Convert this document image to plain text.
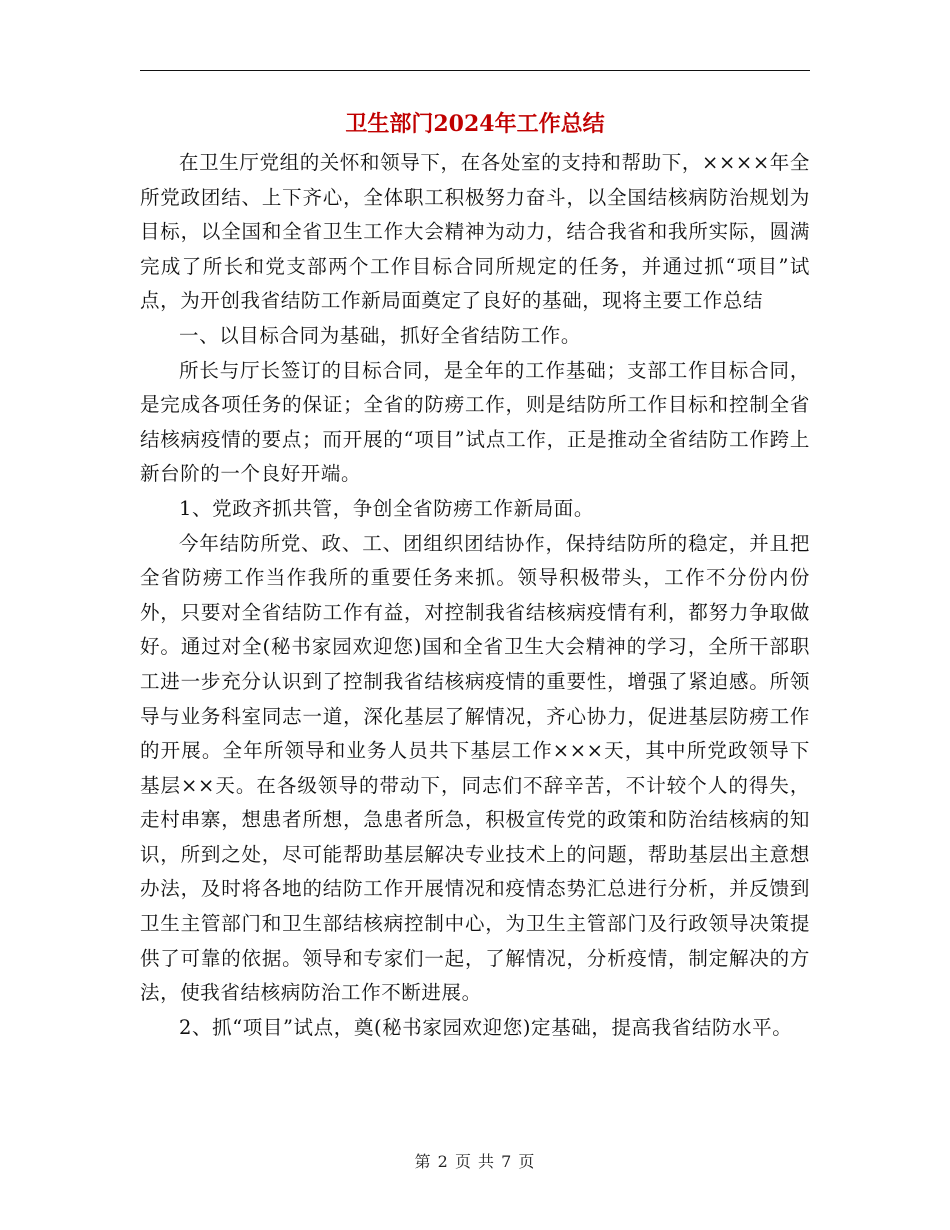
卫生部门2024年工作总结

在卫生厅党组的关怀和领导下，在各处室的支持和帮助下，××××年全所党政团结、上下齐心，全体职工积极努力奋斗，以全国结核病防治规划为目标，以全国和全省卫生工作大会精神为动力，结合我省和我所实际，圆满完成了所长和党支部两个工作目标合同所规定的任务，并通过抓“项目”试点，为开创我省结防工作新局面奠定了良好的基础，现将主要工作总结

一、以目标合同为基础，抓好全省结防工作。

所长与厅长签订的目标合同，是全年的工作基础；支部工作目标合同，是完成各项任务的保证；全省的防痨工作，则是结防所工作目标和控制全省结核病疫情的要点；而开展的“项目”试点工作，正是推动全省结防工作跨上新台阶的一个良好开端。

1、党政齐抓共管，争创全省防痨工作新局面。

今年结防所党、政、工、团组织团结协作，保持结防所的稳定，并且把全省防痨工作当作我所的重要任务来抓。领导积极带头，工作不分份内份外，只要对全省结防工作有益，对控制我省结核病疫情有利，都努力争取做好。通过对全(秘书家园欢迎您)国和全省卫生大会精神的学习，全所干部职工进一步充分认识到了控制我省结核病疫情的重要性，增强了紧迫感。所领导与业务科室同志一道，深化基层了解情况，齐心协力，促进基层防痨工作的开展。全年所领导和业务人员共下基层工作×××天，其中所党政领导下基层××天。在各级领导的带动下，同志们不辞辛苦，不计较个人的得失，走村串寨，想患者所想，急患者所急，积极宣传党的政策和防治结核病的知识，所到之处，尽可能帮助基层解决专业技术上的问题，帮助基层出主意想办法，及时将各地的结防工作开展情况和疫情态势汇总进行分析，并反馈到卫生主管部门和卫生部结核病控制中心，为卫生主管部门及行政领导决策提供了可靠的依据。领导和专家们一起，了解情况，分析疫情，制定解决的方法，使我省结核病防治工作不断进展。

2、抓“项目”试点，奠(秘书家园欢迎您)定基础，提高我省结防水平。

第 2 页 共 7 页
